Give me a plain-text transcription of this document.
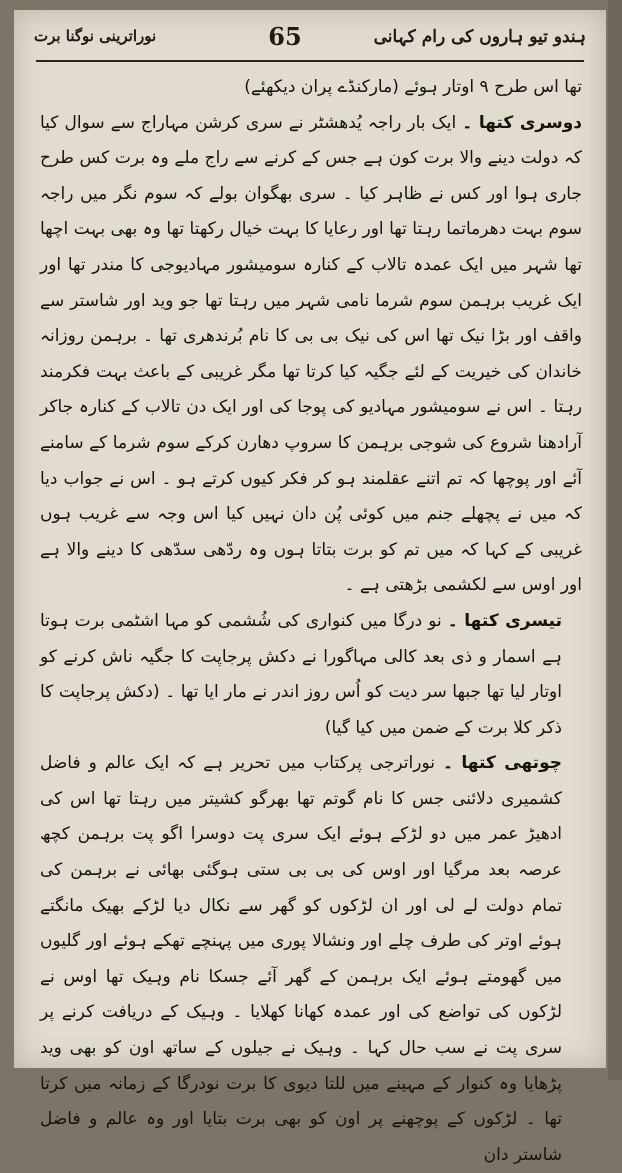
ہندو تیو ہاروں کی رام کہانی
65
نوراترینی نوگنا برت

تھا اس طرح ۹ اوتار ہوئے (مارکنڈے پران دیکھئے)

دوسری کتھا ۔ ایک بار راجہ یُدھشٹر نے سری کرشن مہاراج سے سوال کیا کہ دولت دینے والا برت کون ہے جس کے کرنے سے راج ملے وہ برت کس طرح جاری ہوا اور کس نے ظاہر کیا ۔ سری بھگوان بولے کہ سوم نگر میں راجہ سوم بہت دھرماتما رہتا تھا اور رعایا کا بہت خیال رکھتا تھا وہ بھی بہت اچھا تھا شہر میں ایک عمدہ تالاب کے کنارہ سومیشور مہادیوجی کا مندر تھا اور ایک غریب برہمن سوم شرما نامی شہر میں رہتا تھا جو وید اور شاستر سے واقف اور بڑا نیک تھا اس کی نیک بی بی کا نام بُرندھری تھا ۔ برہمن روزانہ خاندان کی خیریت کے لئے جگیہ کیا کرتا تھا مگر غریبی کے باعث بہت فکرمند رہتا ۔ اس نے سومیشور مہادیو کی پوجا کی اور ایک دن تالاب کے کنارہ جاکر آرادھنا شروع کی شوجی برہمن کا سروپ دھارن کرکے سوم شرما کے سامنے آئے اور پوچھا کہ تم اتنے عقلمند ہو کر فکر کیوں کرتے ہو ۔ اس نے جواب دیا کہ میں نے پچھلے جنم میں کوئی پُن دان نہیں کیا اس وجہ سے غریب ہوں غریبی کے کہا کہ میں تم کو برت بتاتا ہوں وہ ردّھی سدّھی کا دینے والا ہے اور اوس سے لکشمی بڑھتی ہے ۔

تیسری کتھا ۔ نو درگا میں کنواری کی شُشمی کو مہا اشٹمی برت ہوتا ہے اسمار و ذی بعد کالی مہاگورا نے دکش پرجاپت کا جگیہ ناش کرنے کو اوتار لیا تھا جبھا سر دیت کو اُس روز اندر نے مار ایا تھا ۔ (دکش پرجاپت کا ذکر کلا برت کے ضمن میں کیا گیا)

چوتھی کتھا ۔ نوراترجی پرکتاب میں تحریر ہے کہ ایک عالم و فاضل کشمیری دلائنی جس کا نام گوتم تھا بھرگو کشیتر میں رہتا تھا اس کی ادھیڑ عمر میں دو لڑکے ہوئے ایک سری پت دوسرا اگو پت برہمن کچھ عرصہ بعد مرگیا اور اوس کی بی بی ستی ہوگئی بھائی نے برہمن کی تمام دولت لے لی اور ان لڑکوں کو گھر سے نکال دیا لڑکے بھیک مانگتے ہوئے اوتر کی طرف چلے اور ونشالا پوری میں پہنچے تھکے ہوئے اور گلیوں میں گھومتے ہوئے ایک برہمن کے گھر آئے جسکا نام وہیک تھا اوس نے لڑکوں کی تواضع کی اور عمدہ کھانا کھلایا ۔ وہیک کے دریافت کرنے پر سری پت نے سب حال کہا ۔ وہیک نے جیلوں کے ساتھ اون کو بھی وید پڑھایا وہ کنوار کے مہینے میں للتا دیوی کا برت نودرگا کے زمانہ میں کرتا تھا ۔ لڑکوں کے پوچھنے پر اون کو بھی برت بتایا اور وہ عالم و فاضل شاستر دان
